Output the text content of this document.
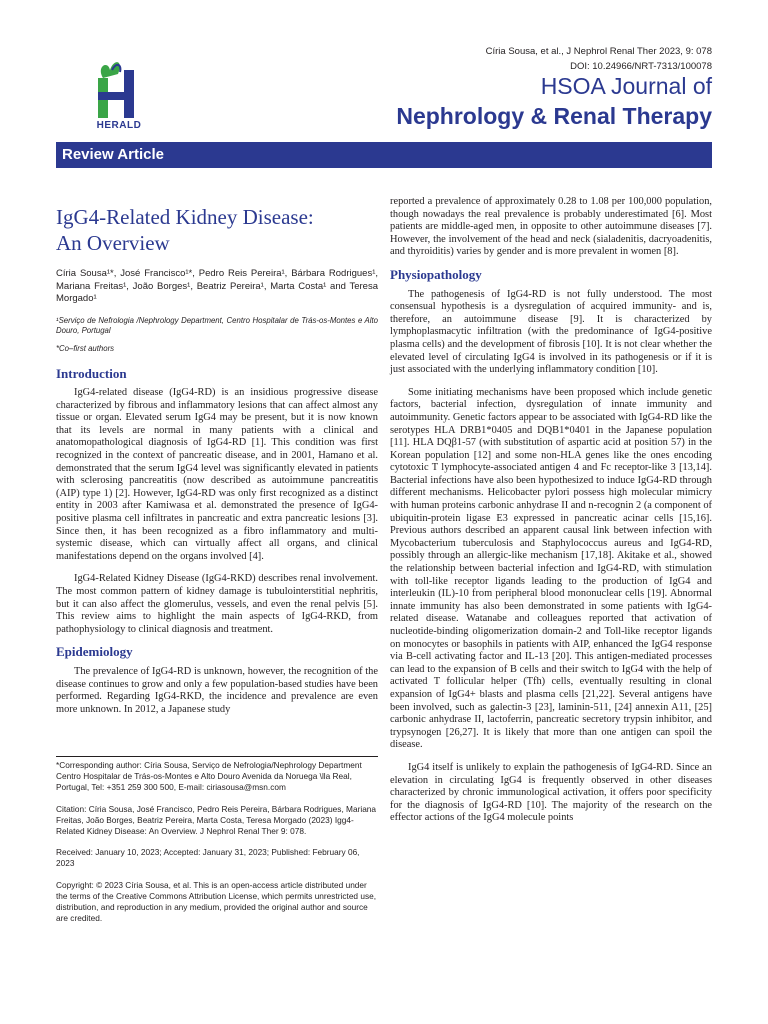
HERALD
Círia Sousa, et al., J Nephrol Renal Ther 2023, 9: 078
DOI: 10.24966/NRT-7313/100078
HSOA Journal of
Nephrology & Renal Therapy
Review Article
IgG4-Related Kidney Disease:
An Overview
Círia Sousa¹*, José Francisco¹*, Pedro Reis Pereira¹, Bárbara Rodrigues¹, Mariana Freitas¹, João Borges¹, Beatriz Pereira¹, Marta Costa¹ and Teresa Morgado¹
¹Serviço de Nefrologia /Nephrology Department, Centro Hospitalar de Trás-os-Montes e Alto Douro, Portugal
*Co–first authors
Introduction

IgG4-related disease (IgG4-RD) is an insidious progressive disease characterized by fibrous and inflammatory lesions that can affect almost any tissue or organ. Elevated serum IgG4 may be present, but it is now known that its levels are normal in many patients with a clinical and anatomopathological diagnosis of IgG4-RD [1]. This condition was first recognized in the context of pancreatic disease, and in 2001, Hamano et al. demonstrated that the serum IgG4 level was significantly elevated in patients with sclerosing pancreatitis (now described as autoimmune pancreatitis (AIP) type 1) [2]. However, IgG4-RD was only first recognized as a distinct entity in 2003 after Kamiwasa et al. demonstrated the presence of IgG4-positive plasma cell infiltrates in pancreatic and extra pancreatic lesions [3]. Since then, it has been recognized as a fibro inflammatory and multi-systemic disease, which can virtually affect all organs, and clinical manifestations depend on the organs involved [4].

IgG4-Related Kidney Disease (IgG4-RKD) describes renal involvement. The most common pattern of kidney damage is tubulointerstitial nephritis, but it can also affect the glomerulus, vessels, and even the renal pelvis [5]. This review aims to highlight the main aspects of IgG4-RKD, from pathophysiology to clinical diagnosis and treatment.

Epidemiology

The prevalence of IgG4-RD is unknown, however, the recognition of the disease continues to grow and only a few population-based studies have been performed. Regarding IgG4-RKD, the incidence and prevalence are even more unknown. In 2012, a Japanese study

*Corresponding author: Círia Sousa, Serviço de Nefrologia/Nephrology Department Centro Hospitalar de Trás-os-Montes e Alto Douro Avenida da Noruega \lla Real, Portugal, Tel: +351 259 300 500, E-mail: ciriasousa@msn.com
Citation: Círia Sousa, José Francisco, Pedro Reis Pereira, Bárbara Rodrigues, Mariana Freitas, João Borges, Beatriz Pereira, Marta Costa, Teresa Morgado (2023) Igg4-Related Kidney Disease: An Overview. J Nephrol Renal Ther 9: 078.
Received: January 10, 2023; Accepted: January 31, 2023; Published: February 06, 2023
Copyright: © 2023 Círia Sousa, et al. This is an open-access article distributed under the terms of the Creative Commons Attribution License, which permits unrestricted use, distribution, and reproduction in any medium, provided the original author and source are credited.

reported a prevalence of approximately 0.28 to 1.08 per 100,000 population, though nowadays the real prevalence is probably underestimated [6]. Most patients are middle-aged men, in opposite to other autoimmune diseases [7]. However, the involvement of the head and neck (sialadenitis, dacryoadenitis, and thyroiditis) varies by gender and is more prevalent in women [8].

Physiopathology

The pathogenesis of IgG4-RD is not fully understood. The most consensual hypothesis is a dysregulation of acquired immunity- and is, therefore, an autoimmune disease [9]. It is characterized by lymphoplasmacytic infiltration (with the predominance of IgG4-positive plasma cells) and the development of fibrosis [10]. It is not clear whether the elevated level of circulating IgG4 is involved in its pathogenesis or if it is just associated with the underlying inflammatory condition [10].

Some initiating mechanisms have been proposed which include genetic factors, bacterial infection, dysregulation of innate immunity and autoimmunity. Genetic factors appear to be associated with IgG4-RD like the serotypes HLA DRB1*0405 and DQB1*0401 in the Japanese population [11]. HLA DQβ1-57 (with substitution of aspartic acid at position 57) in the Korean population [12] and some non-HLA genes like the ones encoding cytotoxic T lymphocyte-associated antigen 4 and Fc receptor-like 3 [13,14]. Bacterial infections have also been hypothesized to induce IgG4-RD through different mechanisms. Helicobacter pylori possess high molecular mimicry with human proteins carbonic anhydrase II and n-recognin 2 (a component of ubiquitin-protein ligase E3 expressed in pancreatic acinar cells [15,16]. Previous authors described an apparent causal link between infection with Mycobacterium tuberculosis and Staphylococcus aureus and IgG4-RD, possibly through an allergic-like mechanism [17,18]. Akitake et al., showed the relationship between bacterial infection and IgG4-RD, with stimulation with toll-like receptor ligands leading to the production of IgG4 and interleukin (IL)-10 from peripheral blood mononuclear cells [19]. Abnormal innate immunity has also been demonstrated in some patients with IgG4-related disease. Watanabe and colleagues reported that activation of nucleotide-binding oligomerization domain-2 and Toll-like receptor ligands on monocytes or basophils in patients with AIP, enhanced the IgG4 response via B-cell activating factor and IL-13 [20]. This antigen-mediated processes can lead to the expansion of B cells and their switch to IgG4 with the help of activated T follicular helper (Tfh) cells, eventually resulting in clonal expansion of IgG4+ blasts and plasma cells [21,22]. Several antigens have been involved, such as galectin-3 [23], laminin-511, [24] annexin A11, [25] carbonic anhydrase II, lactoferrin, pancreatic secretory trypsin inhibitor, and trypsynogen [26,27]. It is likely that more than one antigen can spoil the disease.

IgG4 itself is unlikely to explain the pathogenesis of IgG4-RD. Since an elevation in circulating IgG4 is frequently observed in other diseases characterized by chronic immunological activation, it offers poor specificity for the diagnosis of IgG4-RD [10]. The majority of the research on the effector actions of the IgG4 molecule points
